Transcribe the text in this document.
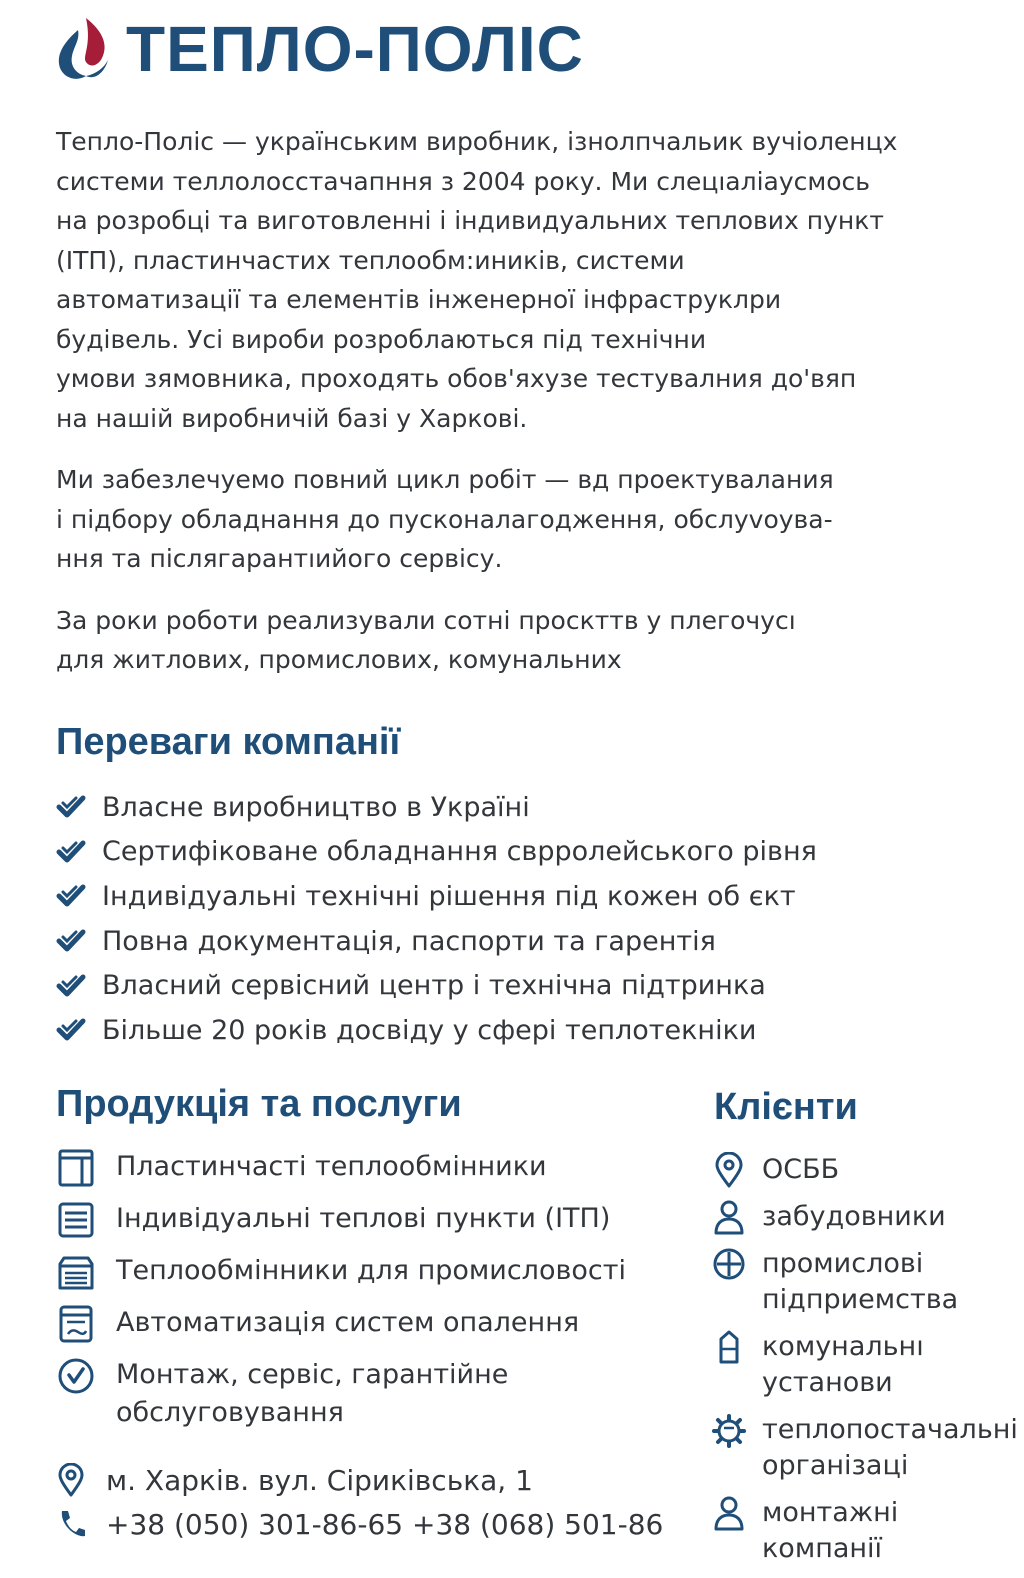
ТЕПЛО-ПОЛІС

Тепло-Поліс — українським виробник, ізнолпчальик вучіоленцх
системи теллолосстачапння з 2004 року. Ми слецıаліаусмось
на розробці та виготовленні і індивидуальних теплових пункт
(ІТП), пластинчастих теплообм:иників, системи
автоматизації та елементів інженерної інфраструклри
будівель. Усі вироби розроблаються під технічни
умови зямовника, проходять обов'яхузе тестувалния до'вяп
на нашій виробничій базі у Харкові.

Ми забезлечуемо повний цикл робіт — вд проектувалания
і підбору обладнання до пусконалагодження, обслуvоува-
ння та післягарантıийого сервісу.

За роки роботи реализували сотні проскттв у плегочусı
для житлових, промислових, комунальних

Переваги компанії
Власне виробництво в Україні
Сертифіковане обладнання сврролейського рівня
Індивідуальні технічні рішення під кожен об єкт
Повна документація, паспорти та гарентія
Власний сервісний центр і технічна підтринка
Більше 20 років досвіду у сфері теплотекніки
Продукція та послуги
Пластинчасті теплообмінники
Індивідуальні теплові пункти (ІТП)
Теплообмінники для промисловості
Автоматизація систем опалення
Монтаж, сервіс, гарантійне
обслуговування
Клієнти
ОСББ
забудовники
промислові
підприемства
комунальнı
установи
теплопостачальні
організаці
монтажні компанії
м. Харків. вул. Сіриківська, 1
+38 (050) 301-86-65 +38 (068) 501-86
